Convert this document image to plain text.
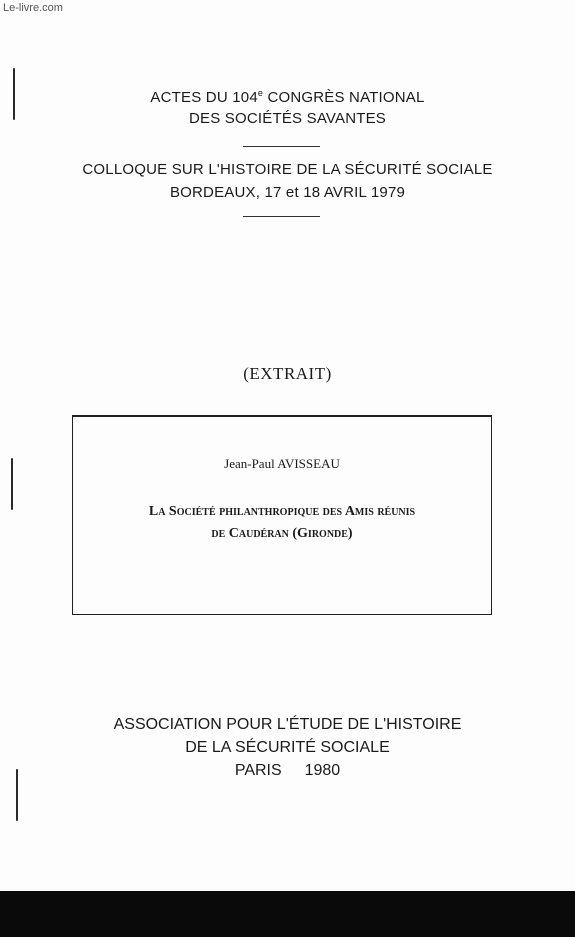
Le-livre.com
ACTES DU 104e CONGRÈS NATIONAL
DES SOCIÉTÉS SAVANTES
COLLOQUE SUR L'HISTOIRE DE LA SÉCURITÉ SOCIALE
BORDEAUX, 17 et 18 AVRIL 1979
(EXTRAIT)
Jean-Paul AVISSEAU
La Société philanthropique des Amis réunis
de Caudéran (Gironde)
ASSOCIATION POUR L'ÉTUDE DE L'HISTOIRE
DE LA SÉCURITÉ SOCIALE
PARIS 1980
